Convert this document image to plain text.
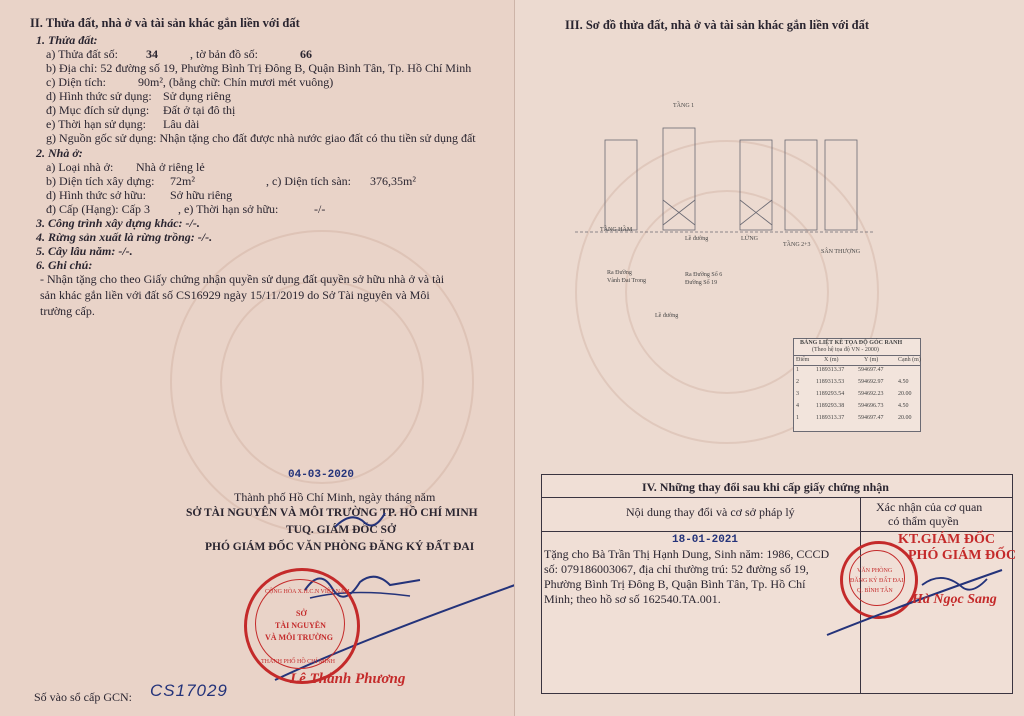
II. Thửa đất, nhà ở và tài sản khác gắn liền với đất
1. Thửa đất:
a) Thửa đất số: 34	, tờ bản đồ số:	66
b) Địa chỉ: 52 đường số 19, Phường Bình Trị Đông B, Quận Bình Tân, Tp. Hồ Chí Minh
c) Diện tích:	90m², (bằng chữ: Chín mươi mét vuông)
d) Hình thức sử dụng: Sử dụng riêng
đ) Mục đích sử dụng: Đất ở tại đô thị
e) Thời hạn sử dụng: Lâu dài
g) Nguồn gốc sử dụng: Nhận tặng cho đất được nhà nước giao đất có thu tiền sử dụng đất
2. Nhà ở:
a) Loại nhà ở: Nhà ở riêng lẻ
b) Diện tích xây dựng: 72m²	, c) Diện tích sàn: 376,35m²
d) Hình thức sở hữu: Sở hữu riêng
đ) Cấp (Hạng): Cấp 3 , e) Thời hạn sở hữu:	-/-
3. Công trình xây dựng khác: -/-.
4. Rừng sản xuất là rừng trồng: -/-.
5. Cây lâu năm: -/-.
6. Ghi chú:
- Nhận tặng cho theo Giấy chứng nhận quyền sử dụng đất quyền sở hữu nhà ở và tài
sản khác gắn liền với đất số CS16929 ngày 15/11/2019 do Sở Tài nguyên và Môi
trường cấp.
04-03-2020
Thành phố Hồ Chí Minh, ngày tháng năm
SỞ TÀI NGUYÊN VÀ MÔI TRƯỜNG TP. HỒ CHÍ MINH
TUQ. GIÁM ĐỐC SỞ
PHÓ GIÁM ĐỐC VĂN PHÒNG ĐĂNG KÝ ĐẤT ĐAI
CỘNG HÒA X.H.C.N VIỆT NAM
SỞ
TÀI NGUYÊN
VÀ MÔI TRƯỜNG
THÀNH PHỐ HỒ CHÍ MINH
Lê Thành Phương
Số vào sổ cấp GCN: CS17029
III. Sơ đồ thửa đất, nhà ở và tài sản khác gắn liền với đất
TẦNG 1
TẦNG HẦM
LỬNG
TẦNG 2+3
SÂN THƯỢNG
Lề đường
Ra Đường	Ra Đường Số 6
Vành Đai Trong	Đường Số 19
Lề đường
BẢNG LIỆT KÊ TỌA ĐỘ GÓC RANH
(Theo hệ tọa độ VN - 2000)
Điểm X (m)	Y (m)	Cạnh (m)
1	1189313.37 594697.47
2	1189313.53 594692.97 4.50
3	1189293.54 594692.23 20.00
4	1189293.38 594696.73 4.50
1	1189313.37 594697.47 20.00
IV. Những thay đổi sau khi cấp giấy chứng nhận
Nội dung thay đổi và cơ sở pháp lý	Xác nhận của cơ quan
có thẩm quyền
18-01-2021
Tặng cho Bà Trần Thị Hạnh Dung, Sinh năm: 1986, CCCD
số: 079186003067, địa chỉ thường trú: 52 đường số 19,
Phường Bình Trị Đông B, Quận Bình Tân, Tp. Hồ Chí
Minh; theo hồ sơ số 162540.TA.001.
KT.GIÁM ĐỐC
PHÓ GIÁM ĐỐC
VĂN PHÒNG
ĐĂNG KÝ ĐẤT ĐAI
Q. BÌNH TÂN
Hà Ngọc Sang
